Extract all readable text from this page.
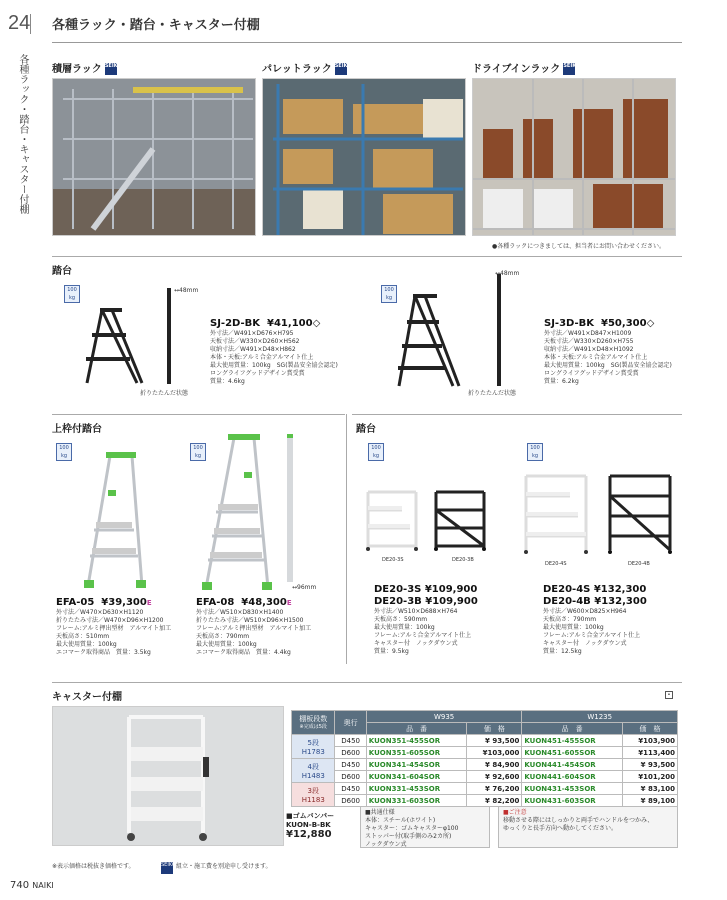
24 各種ラック・踏台・キャスター付棚
各種ラック・踏台・キャスター付棚 積層ラック SEIKO	パレットラック SEIKO	ドライブインラック SEIKO
●各種ラックにつきましては、担当者にお問い合わせください。
踏台
100 kg
↔48mm
折りたたんだ状態
SJ-2D-BK ¥41,100◇
外寸法／W491×D676×H795
天板寸法／W330×D260×H562
収納寸法／W491×D48×H862
本体・天板:アルミ合金アルマイト仕上
最大使用質量：100kg　SG(製品安全協会認定)
ロングライフグッドデザイン賞受賞
質量：4.6kg
100 kg
↔48mm
折りたたんだ状態
SJ-3D-BK ¥50,300◇
外寸法／W491×D847×H1009
天板寸法／W330×D260×H755
収納寸法／W491×D48×H1092
本体・天板:アルミ合金アルマイト仕上
最大使用質量：100kg　SG(製品安全協会認定)
ロングライフグッドデザイン賞受賞
質量：6.2kg
上枠付踏台
100 kg
100 kg
↔96mm
EFA-05 ¥39,300E
外寸法／W470×D630×H1120
折りたたみ寸法／W470×D96×H1200
フレーム:アルミ押出型材　アルマイト加工
天板高さ：510mm
最大使用質量：100kg
エコマーク取得商品　質量：3.5kg
EFA-08 ¥48,300E
外寸法／W510×D830×H1400
折りたたみ寸法／W510×D96×H1500
フレーム:アルミ押出型材　アルマイト加工
天板高さ：790mm
最大使用質量：100kg
エコマーク取得商品　質量：4.4kg
踏台
100 kg
100 kg
DE20-3S	DE20-3B
DE20-4S	DE20-4B
DE20-3S ¥109,900
DE20-3B ¥109,900
外寸法／W510×D688×H764
天板高さ：590mm
最大使用質量：100kg
フレーム:アルミ合金アルマイト仕上
キャスター付　ノックダウン式
質量：9.5kg
DE20-4S ¥132,300
DE20-4B ¥132,300
外寸法／W600×D825×H964
天板高さ：790mm
最大使用質量：100kg
フレーム:アルミ合金アルマイト仕上
キャスター付　ノックダウン式
質量：12.5kg
キャスター付棚	•
■ゴムバンパー
KUON-B-BK
¥12,880
棚板段数
※完成は5段	奥行	W935		W1235	
		品　番	価　格	品　番	価　格

5段
H1783	D450	KUON351-455SOR	¥ 93,500	KUON451-455SOR	¥103,900
	D600	KUON351-605SOR	¥103,000	KUON451-605SOR	¥113,400

4段
H1483	D450	KUON341-454SOR	¥ 84,900	KUON441-454SOR	¥ 93,500
	D600	KUON341-604SOR	¥ 92,600	KUON441-604SOR	¥101,200

3段
H1183	D450	KUON331-453SOR	¥ 76,200	KUON431-453SOR	¥ 83,100
	D600	KUON331-603SOR	¥ 82,200	KUON431-603SOR	¥ 89,100
■共通仕様
本体：スチール(ホワイト)
キャスター：ゴムキャスターφ100
ストッパー付(取手側のみ2カ所)
ノックダウン式
■ご注意
移動させる際にはしっかりと両手でハンドルをつかみ、
ゆっくりと長手方向へ動かしてください。
※表示価格は税抜き価格です。	SEIKO 組立・施工費を別途申し受けます。
740 NAIKI
